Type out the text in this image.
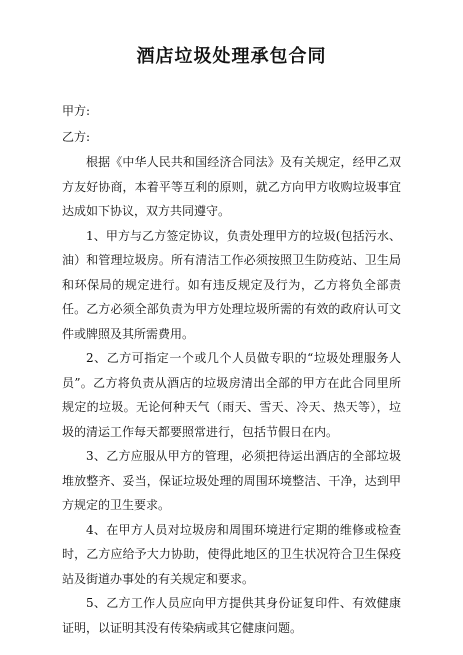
酒店垃圾处理承包合同

甲方:

乙方:

根据《中华人民共和国经济合同法》及有关规定，经甲乙双方友好协商，本着平等互利的原则，就乙方向甲方收购垃圾事宜达成如下协议，双方共同遵守。

1、甲方与乙方签定协议，负责处理甲方的垃圾(包括污水、油）和管理垃圾房。所有清洁工作必须按照卫生防疫站、卫生局和环保局的规定进行。如有违反规定及行为，乙方将负全部责任。乙方必须全部负责为甲方处理垃圾所需的有效的政府认可文件或牌照及其所需费用。

2、乙方可指定一个或几个人员做专职的“垃圾处理服务人员”。乙方将负责从酒店的垃圾房清出全部的甲方在此合同里所规定的垃圾。无论何种天气（雨天、雪天、冷天、热天等），垃圾的清运工作每天都要照常进行，包括节假日在内。

3、乙方应服从甲方的管理，必须把待运出酒店的全部垃圾堆放整齐、妥当，保证垃圾处理的周围环境整洁、干净，达到甲方规定的卫生要求。

4、在甲方人员对垃圾房和周围环境进行定期的维修或检查时，乙方应给予大力协助，使得此地区的卫生状况符合卫生保疫站及街道办事处的有关规定和要求。

5、乙方工作人员应向甲方提供其身份证复印件、有效健康证明，以证明其没有传染病或其它健康问题。
